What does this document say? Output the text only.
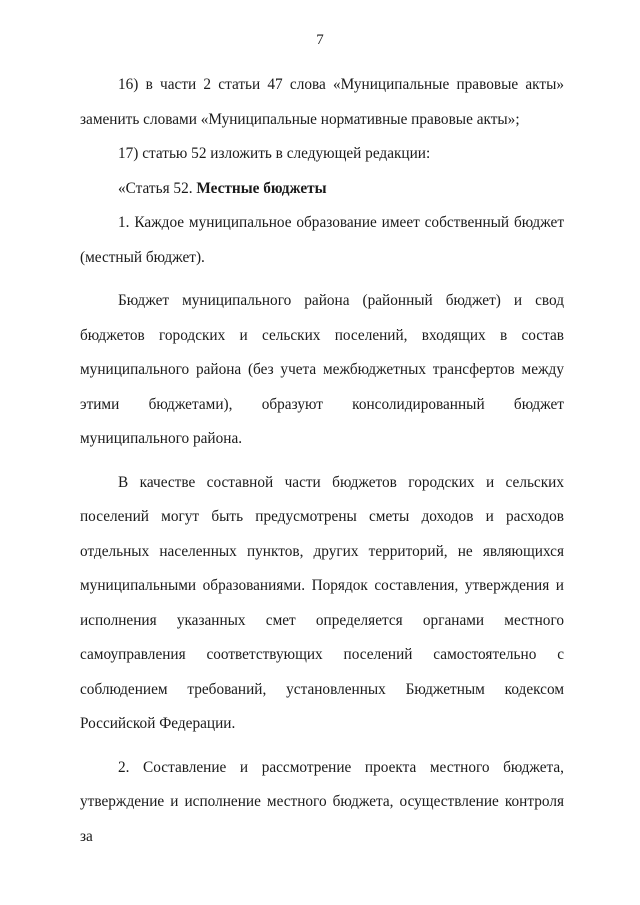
7

16) в части 2 статьи 47 слова «Муниципальные правовые акты» заменить словами «Муниципальные нормативные правовые акты»;

17) статью 52 изложить в следующей редакции:

«Статья 52. Местные бюджеты

1. Каждое муниципальное образование имеет собственный бюджет (местный бюджет).

Бюджет муниципального района (районный бюджет) и свод бюджетов городских и сельских поселений, входящих в состав муниципального района (без учета межбюджетных трансфертов между этими бюджетами), образуют консолидированный бюджет муниципального района.

В качестве составной части бюджетов городских и сельских поселений могут быть предусмотрены сметы доходов и расходов отдельных населенных пунктов, других территорий, не являющихся муниципальными образованиями. Порядок составления, утверждения и исполнения указанных смет определяется органами местного самоуправления соответствующих поселений самостоятельно с соблюдением требований, установленных Бюджетным кодексом Российской Федерации.

2. Составление и рассмотрение проекта местного бюджета, утверждение и исполнение местного бюджета, осуществление контроля за
